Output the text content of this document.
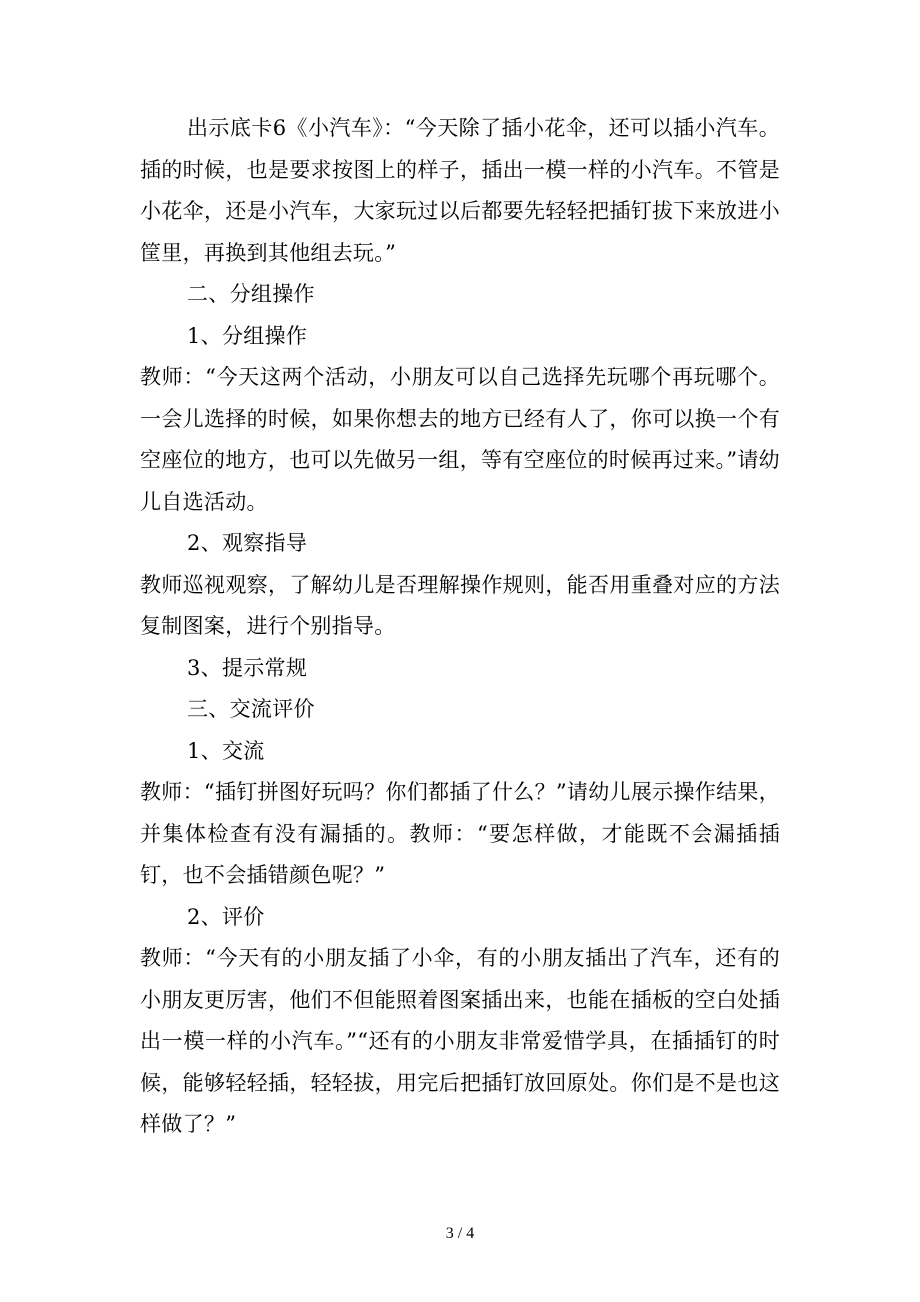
出示底卡6《小汽车》：“今天除了插小花伞，还可以插小汽车。插的时候，也是要求按图上的样子，插出一模一样的小汽车。不管是小花伞，还是小汽车，大家玩过以后都要先轻轻把插钉拔下来放进小筐里，再换到其他组去玩。”

二、分组操作

1、分组操作

教师：“今天这两个活动，小朋友可以自己选择先玩哪个再玩哪个。一会儿选择的时候，如果你想去的地方已经有人了，你可以换一个有空座位的地方，也可以先做另一组，等有空座位的时候再过来。”请幼儿自选活动。

2、观察指导

教师巡视观察，了解幼儿是否理解操作规则，能否用重叠对应的方法复制图案，进行个别指导。

3、提示常规

三、交流评价

1、交流

教师：“插钉拼图好玩吗？你们都插了什么？”请幼儿展示操作结果，并集体检查有没有漏插的。教师：“要怎样做，才能既不会漏插插钉，也不会插错颜色呢？”

2、评价

教师：“今天有的小朋友插了小伞，有的小朋友插出了汽车，还有的小朋友更厉害，他们不但能照着图案插出来，也能在插板的空白处插出一模一样的小汽车。”“还有的小朋友非常爱惜学具，在插插钉的时候，能够轻轻插，轻轻拔，用完后把插钉放回原处。你们是不是也这样做了？”

3 / 4
